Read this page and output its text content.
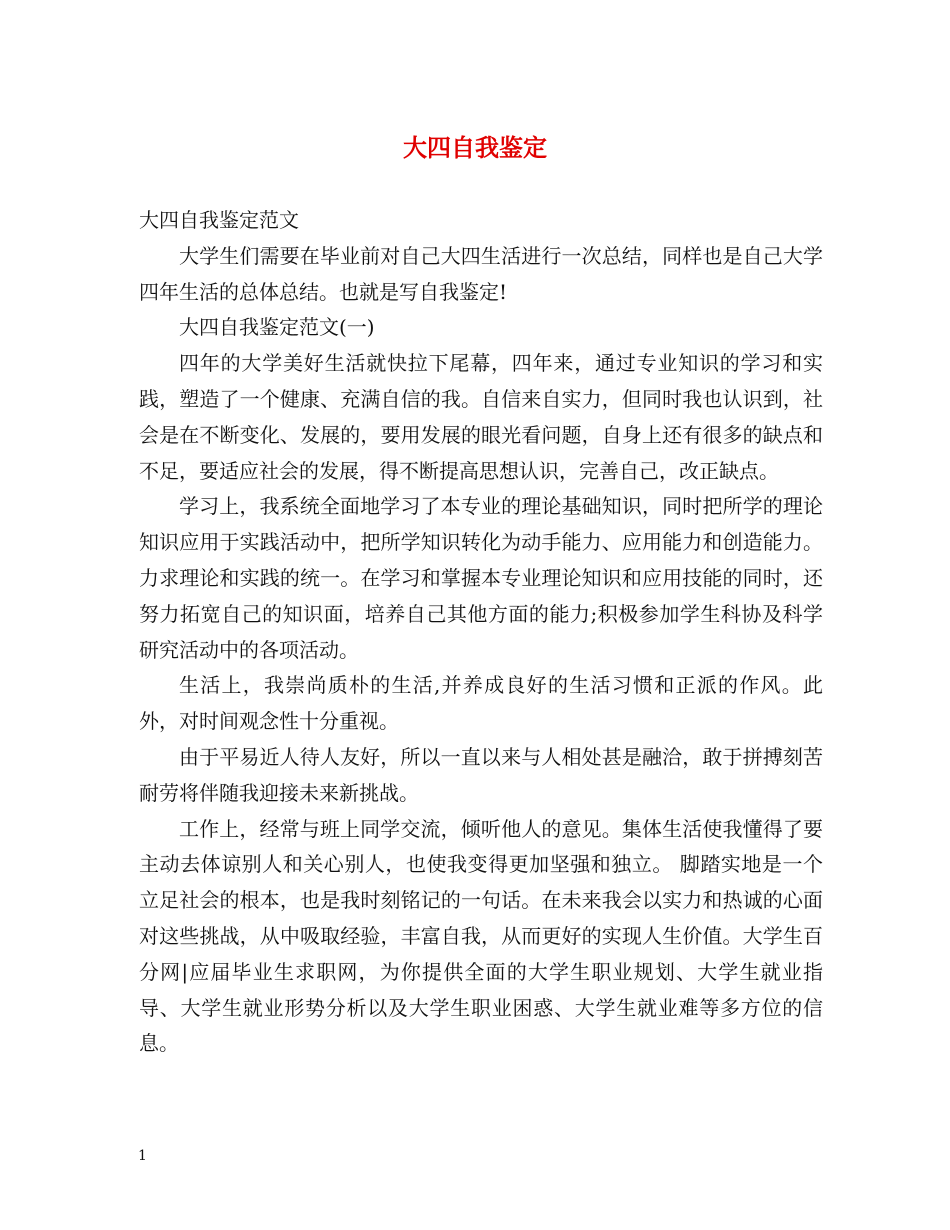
大四自我鉴定

大四自我鉴定范文

大学生们需要在毕业前对自己大四生活进行一次总结，同样也是自己大学四年生活的总体总结。也就是写自我鉴定!

大四自我鉴定范文(一)

四年的大学美好生活就快拉下尾幕，四年来，通过专业知识的学习和实践，塑造了一个健康、充满自信的我。自信来自实力，但同时我也认识到，社会是在不断变化、发展的，要用发展的眼光看问题，自身上还有很多的缺点和不足，要适应社会的发展，得不断提高思想认识，完善自己，改正缺点。

学习上，我系统全面地学习了本专业的理论基础知识，同时把所学的理论知识应用于实践活动中，把所学知识转化为动手能力、应用能力和创造能力。力求理论和实践的统一。在学习和掌握本专业理论知识和应用技能的同时，还努力拓宽自己的知识面，培养自己其他方面的能力;积极参加学生科协及科学研究活动中的各项活动。

生活上，我崇尚质朴的生活,并养成良好的生活习惯和正派的作风。此外，对时间观念性十分重视。

由于平易近人待人友好，所以一直以来与人相处甚是融洽，敢于拼搏刻苦耐劳将伴随我迎接未来新挑战。

工作上，经常与班上同学交流，倾听他人的意见。集体生活使我懂得了要主动去体谅别人和关心别人，也使我变得更加坚强和独立。 脚踏实地是一个立足社会的根本，也是我时刻铭记的一句话。在未来我会以实力和热诚的心面对这些挑战，从中吸取经验，丰富自我，从而更好的实现人生价值。大学生百分网|应届毕业生求职网，为你提供全面的大学生职业规划、大学生就业指导、大学生就业形势分析以及大学生职业困惑、大学生就业难等多方位的信息。

1
